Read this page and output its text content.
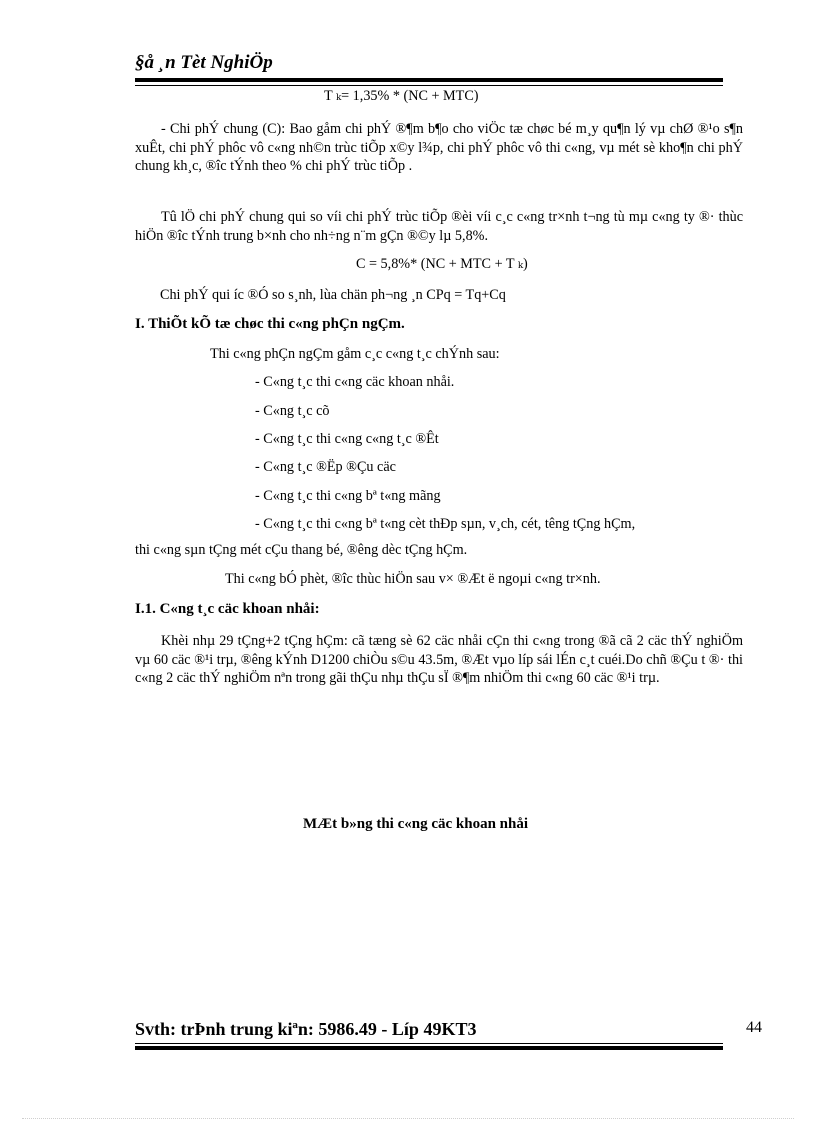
§å ¸n Tèt NghiÖp
T ₖ= 1,35% * (NC + MTC)
- Chi phÝ chung (C): Bao gåm chi phÝ ®¶m b¶o cho viÖc tæ chøc bé m¸y qu¶n lý vµ chØ ®¹o s¶n xuÊt, chi phÝ phôc vô c«ng nh©n trùc tiÕp x©y l¾p, chi phÝ phôc vô thi c«ng, vµ mét sè kho¶n chi phÝ chung kh¸c, ®îc tÝnh theo % chi phÝ trùc tiÕp .
Tû lÖ chi phÝ chung qui so víi chi phÝ trùc tiÕp ®èi víi c¸c c«ng tr×nh t¬ng tù mµ c«ng ty ®· thùc hiÖn ®îc tÝnh trung b×nh cho nh÷ng n¨m gÇn ®©y lµ 5,8%.
C = 5,8%* (NC + MTC + T ₖ)
Chi phÝ qui íc ®Ó so s¸nh, lùa chän ph¬ng ¸n CPq = Tq+Cq
I. ThiÕt kÕ tæ chøc thi c«ng phÇn ngÇm.
Thi c«ng phÇn ngÇm gåm c¸c c«ng t¸c chÝnh sau:
- C«ng t¸c thi c«ng cäc khoan nhåi.
- C«ng t¸c cõ
- C«ng t¸c thi c«ng c«ng t¸c ®Êt
- C«ng t¸c ®Ëp ®Çu cäc
- C«ng t¸c thi c«ng bª t«ng mãng
- C«ng t¸c thi c«ng bª t«ng cèt thÐp sµn, v¸ch, cét, têng tÇng hÇm,
thi c«ng sµn tÇng mét cÇu thang bé, ®êng dèc tÇng hÇm.
Thi c«ng bÓ phèt, ®îc thùc hiÖn sau v× ®Æt ë ngoµi c«ng tr×nh.
I.1. C«ng t¸c cäc khoan nhåi:
Khèi nhµ 29 tÇng+2 tÇng hÇm: cã tæng sè 62 cäc nhåi cÇn thi c«ng trong ®ã cã 2 cäc thÝ nghiÖm vµ 60 cäc ®¹i trµ, ®êng kÝnh D1200 chiÒu s©u 43.5m, ®Æt vµo líp sái lÉn c¸t cuéi.Do chñ ®Çu t ®· thi c«ng 2 cäc thÝ nghiÖm nªn trong gãi thÇu nhµ thÇu sÏ ®¶m nhiÖm thi c«ng 60 cäc ®¹i trµ.
MÆt b»ng thi c«ng cäc khoan nhåi
Svth: trÞnh trung kiªn: 5986.49 - Líp 49KT3	44
